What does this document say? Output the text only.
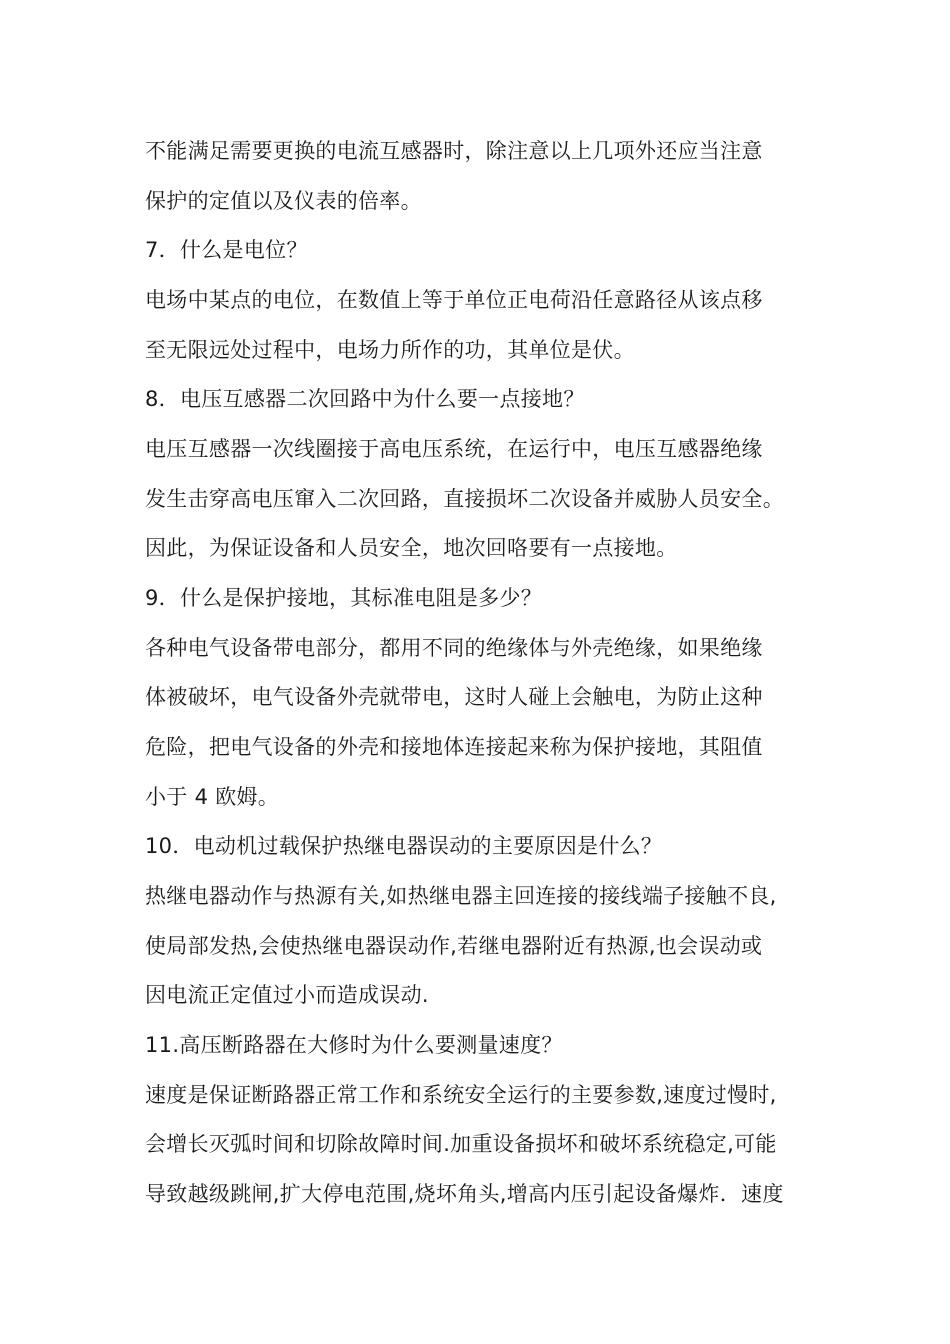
不能满足需要更换的电流互感器时，除注意以上几项外还应当注意
保护的定值以及仪表的倍率。
7．什么是电位？
电场中某点的电位，在数值上等于单位正电荷沿任意路径从该点移
至无限远处过程中，电场力所作的功，其单位是伏。
8．电压互感器二次回路中为什么要一点接地？
电压互感器一次线圈接于高电压系统，在运行中，电压互感器绝缘
发生击穿高电压窜入二次回路，直接损坏二次设备并威胁人员安全。
因此，为保证设备和人员安全，地次回咯要有一点接地。
9．什么是保护接地，其标准电阻是多少？
各种电气设备带电部分，都用不同的绝缘体与外壳绝缘，如果绝缘
体被破坏，电气设备外壳就带电，这时人碰上会触电，为防止这种
危险，把电气设备的外壳和接地体连接起来称为保护接地，其阻值
小于 4 欧姆。
10．电动机过载保护热继电器误动的主要原因是什么？
热继电器动作与热源有关,如热继电器主回连接的接线端子接触不良,
使局部发热,会使热继电器误动作,若继电器附近有热源,也会误动或
因电流正定值过小而造成误动.
11.高压断路器在大修时为什么要测量速度？
速度是保证断路器正常工作和系统安全运行的主要参数,速度过慢时,
会增长灭弧时间和切除故障时间.加重设备损坏和破坏系统稳定,可能
导致越级跳闸,扩大停电范围,烧坏角头,增高内压引起设备爆炸．速度
